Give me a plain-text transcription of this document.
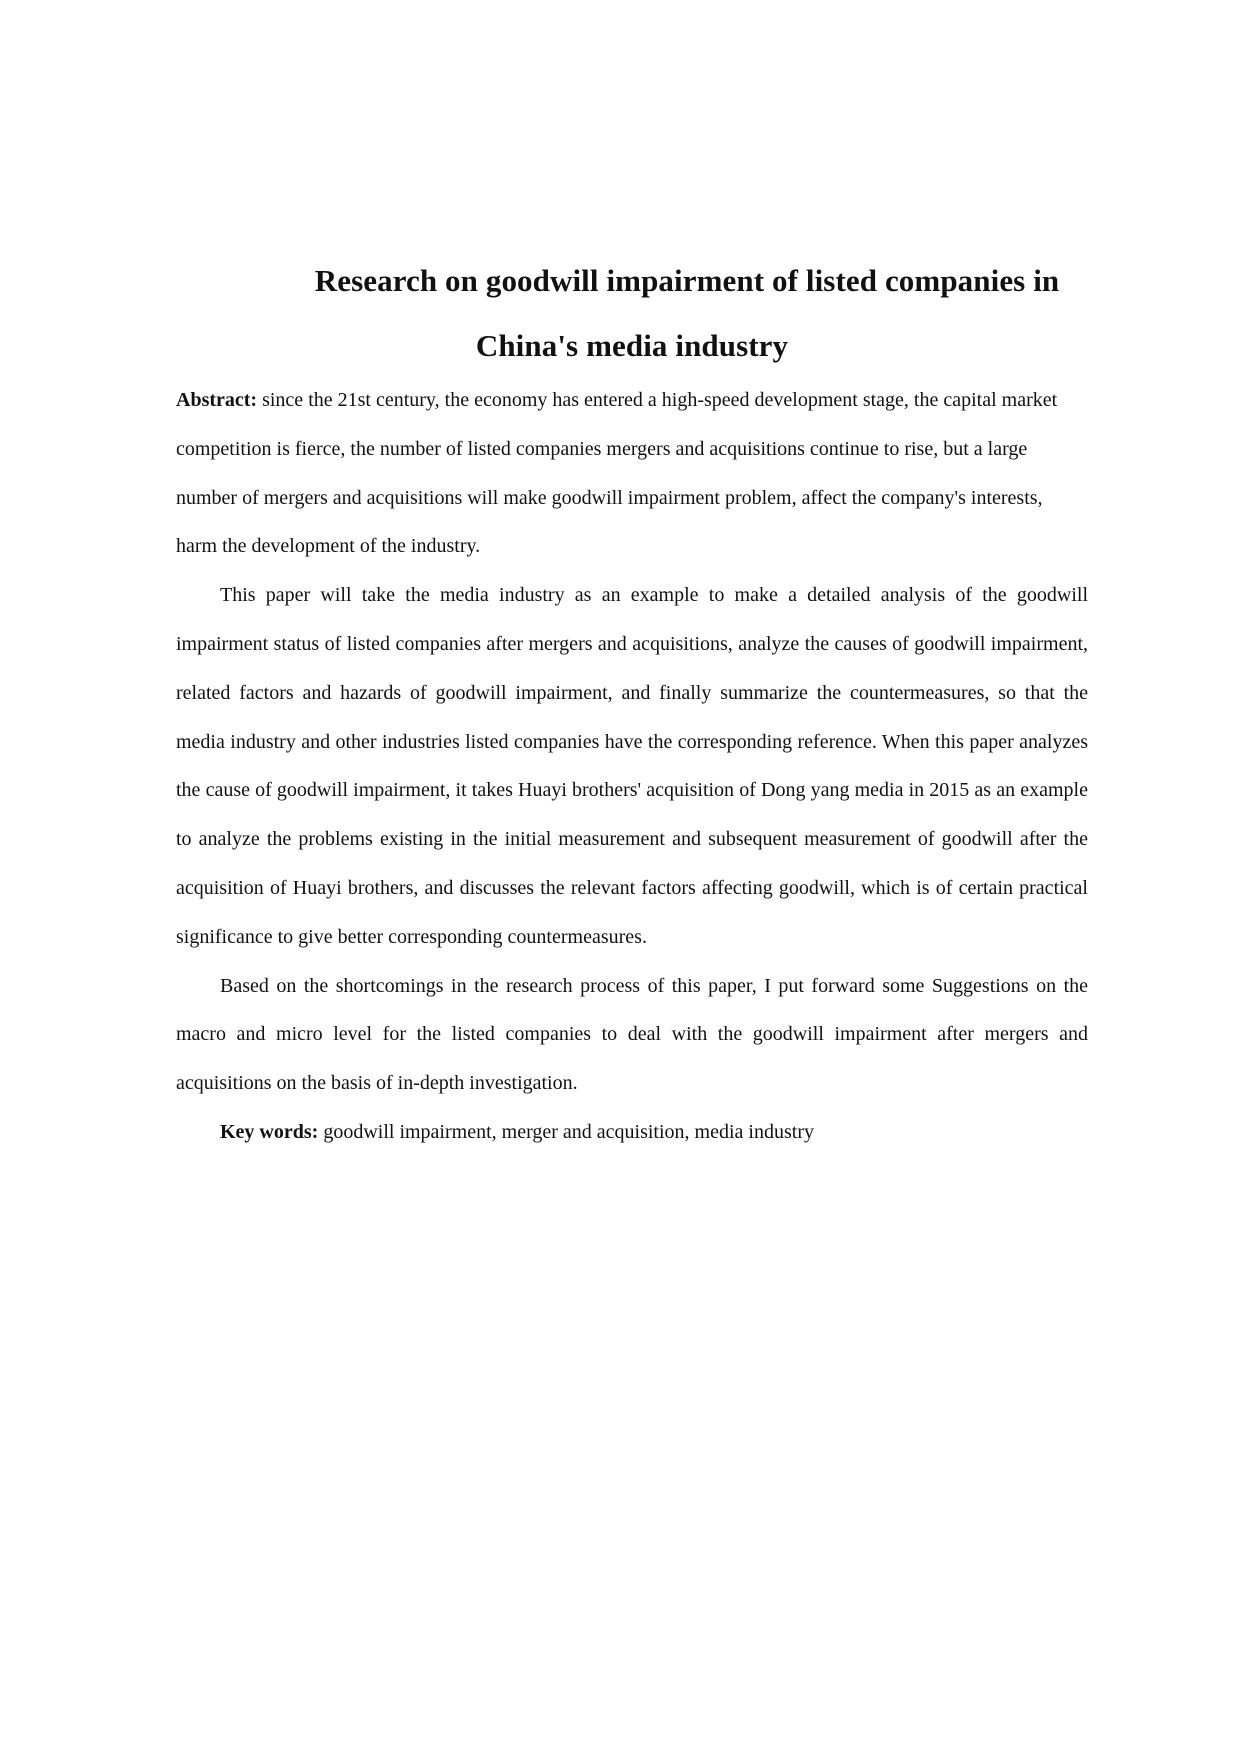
Research on goodwill impairment of listed companies in

China's media industry

Abstract: since the 21st century, the economy has entered a high-speed development stage, the capital market competition is fierce, the number of listed companies mergers and acquisitions continue to rise, but a large number of mergers and acquisitions will make goodwill impairment problem, affect the company's interests, harm the development of the industry.

This paper will take the media industry as an example to make a detailed analysis of the goodwill impairment status of listed companies after mergers and acquisitions, analyze the causes of goodwill impairment, related factors and hazards of goodwill impairment, and finally summarize the countermeasures, so that the media industry and other industries listed companies have the corresponding reference. When this paper analyzes the cause of goodwill impairment, it takes Huayi brothers' acquisition of Dong yang media in 2015 as an example to analyze the problems existing in the initial measurement and subsequent measurement of goodwill after the acquisition of Huayi brothers, and discusses the relevant factors affecting goodwill, which is of certain practical significance to give better corresponding countermeasures.

Based on the shortcomings in the research process of this paper, I put forward some Suggestions on the macro and micro level for the listed companies to deal with the goodwill impairment after mergers and acquisitions on the basis of in-depth investigation.

Key words: goodwill impairment, merger and acquisition, media industry
